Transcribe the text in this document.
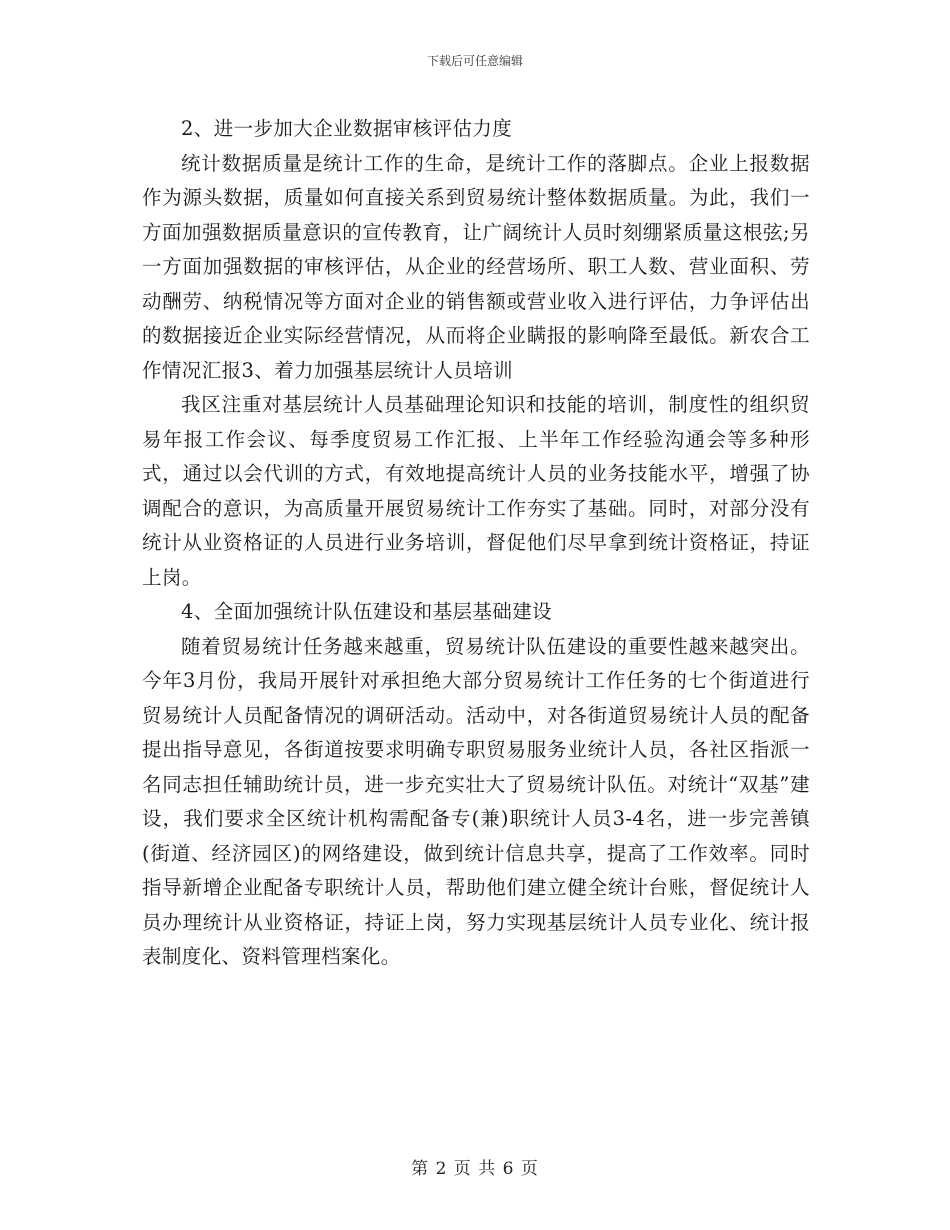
下载后可任意编辑

2、进一步加大企业数据审核评估力度

统计数据质量是统计工作的生命，是统计工作的落脚点。企业上报数据作为源头数据，质量如何直接关系到贸易统计整体数据质量。为此，我们一方面加强数据质量意识的宣传教育，让广阔统计人员时刻绷紧质量这根弦;另一方面加强数据的审核评估，从企业的经营场所、职工人数、营业面积、劳动酬劳、纳税情况等方面对企业的销售额或营业收入进行评估，力争评估出的数据接近企业实际经营情况，从而将企业瞒报的影响降至最低。新农合工作情况汇报3、着力加强基层统计人员培训

我区注重对基层统计人员基础理论知识和技能的培训，制度性的组织贸易年报工作会议、每季度贸易工作汇报、上半年工作经验沟通会等多种形式，通过以会代训的方式，有效地提高统计人员的业务技能水平，增强了协调配合的意识，为高质量开展贸易统计工作夯实了基础。同时，对部分没有统计从业资格证的人员进行业务培训，督促他们尽早拿到统计资格证，持证上岗。

4、全面加强统计队伍建设和基层基础建设

随着贸易统计任务越来越重，贸易统计队伍建设的重要性越来越突出。今年3月份，我局开展针对承担绝大部分贸易统计工作任务的七个街道进行贸易统计人员配备情况的调研活动。活动中，对各街道贸易统计人员的配备提出指导意见，各街道按要求明确专职贸易服务业统计人员，各社区指派一名同志担任辅助统计员，进一步充实壮大了贸易统计队伍。对统计“双基”建设，我们要求全区统计机构需配备专(兼)职统计人员3-4名，进一步完善镇(街道、经济园区)的网络建设，做到统计信息共享，提高了工作效率。同时指导新增企业配备专职统计人员，帮助他们建立健全统计台账，督促统计人员办理统计从业资格证，持证上岗，努力实现基层统计人员专业化、统计报表制度化、资料管理档案化。

第 2 页 共 6 页
